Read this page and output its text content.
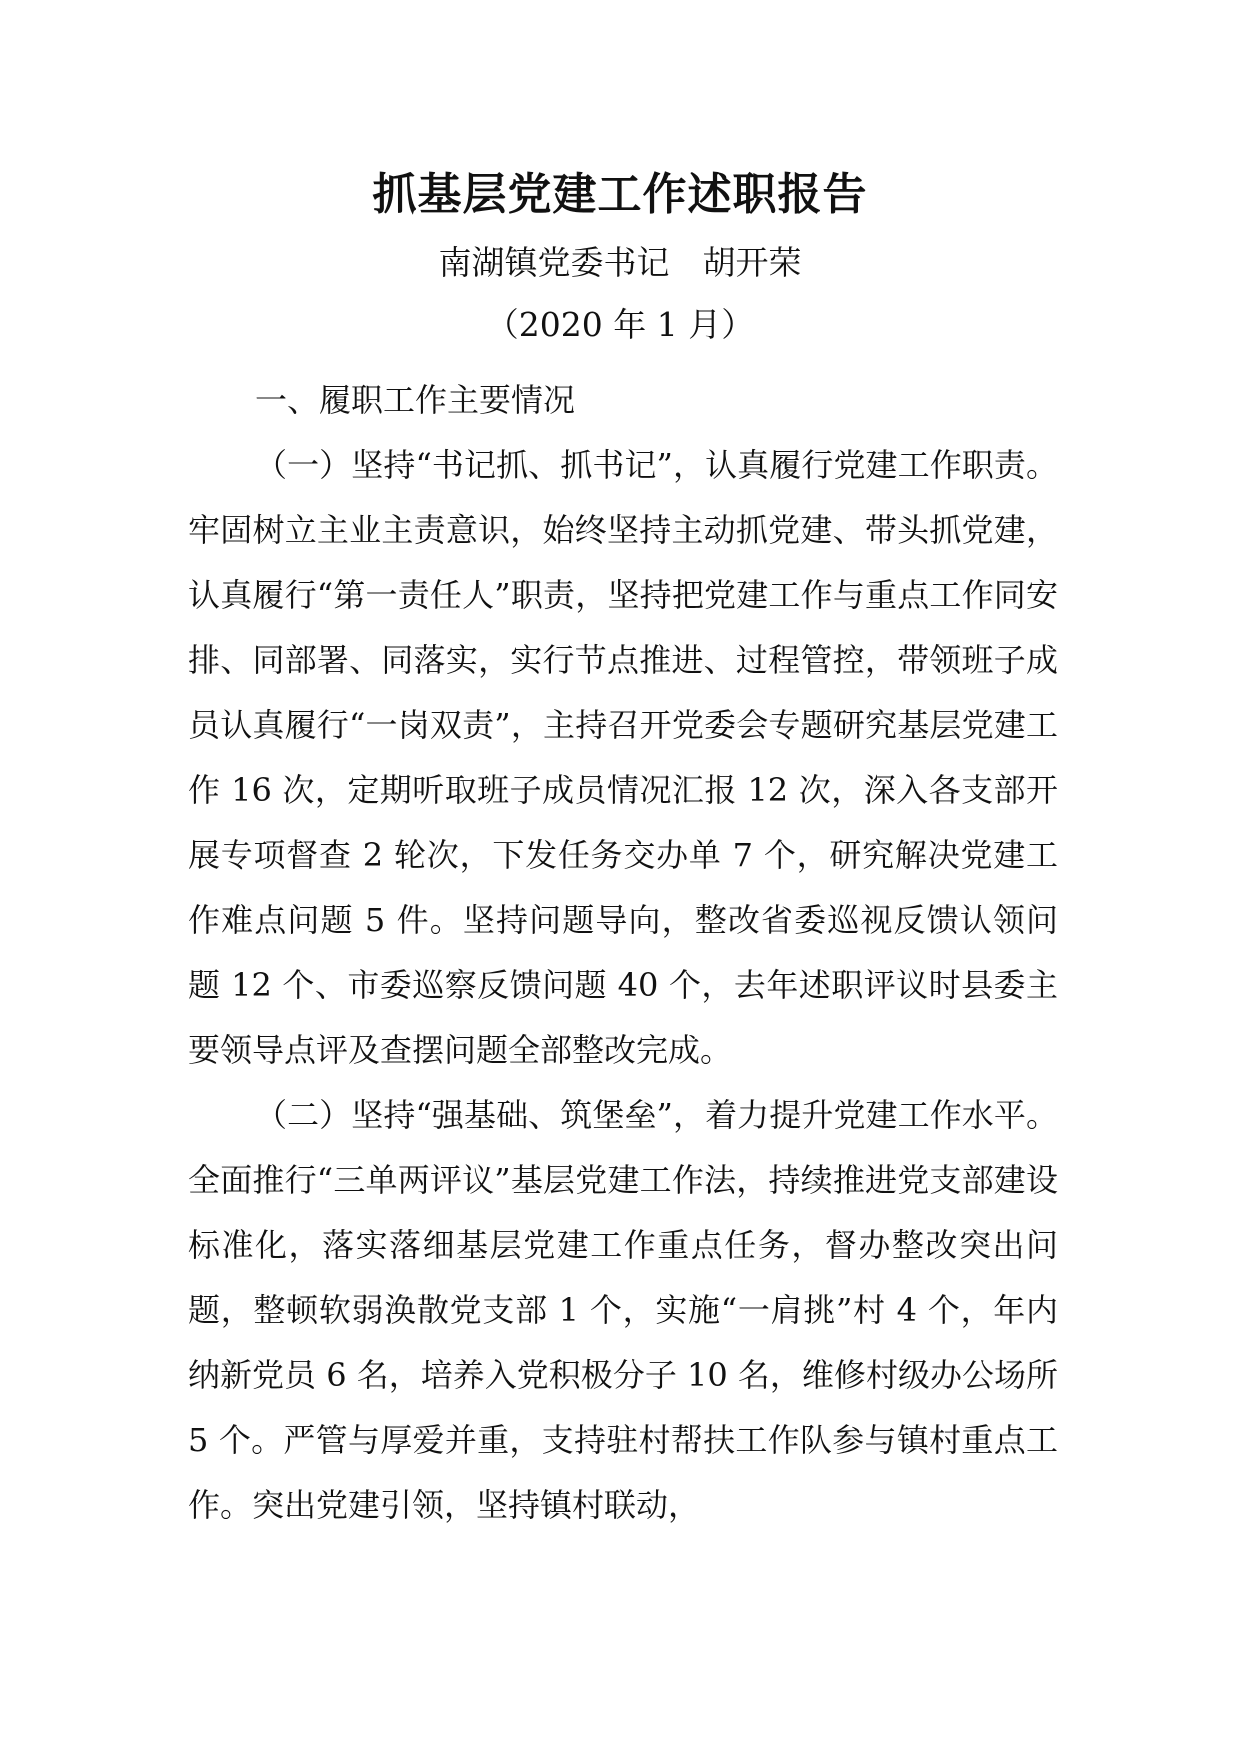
抓基层党建工作述职报告
南湖镇党委书记　胡开荣
（2020 年 1 月）

一、履职工作主要情况

（一）坚持“书记抓、抓书记”，认真履行党建工作职责。牢固树立主业主责意识，始终坚持主动抓党建、带头抓党建，认真履行“第一责任人”职责，坚持把党建工作与重点工作同安排、同部署、同落实，实行节点推进、过程管控，带领班子成员认真履行“一岗双责”，主持召开党委会专题研究基层党建工作 16 次，定期听取班子成员情况汇报 12 次，深入各支部开展专项督查 2 轮次，下发任务交办单 7 个，研究解决党建工作难点问题 5 件。坚持问题导向，整改省委巡视反馈认领问题 12 个、市委巡察反馈问题 40 个，去年述职评议时县委主要领导点评及查摆问题全部整改完成。

（二）坚持“强基础、筑堡垒”，着力提升党建工作水平。全面推行“三单两评议”基层党建工作法，持续推进党支部建设标准化，落实落细基层党建工作重点任务，督办整改突出问题，整顿软弱涣散党支部 1 个，实施“一肩挑”村 4 个，年内纳新党员 6 名，培养入党积极分子 10 名，维修村级办公场所 5 个。严管与厚爱并重，支持驻村帮扶工作队参与镇村重点工作。突出党建引领，坚持镇村联动，
